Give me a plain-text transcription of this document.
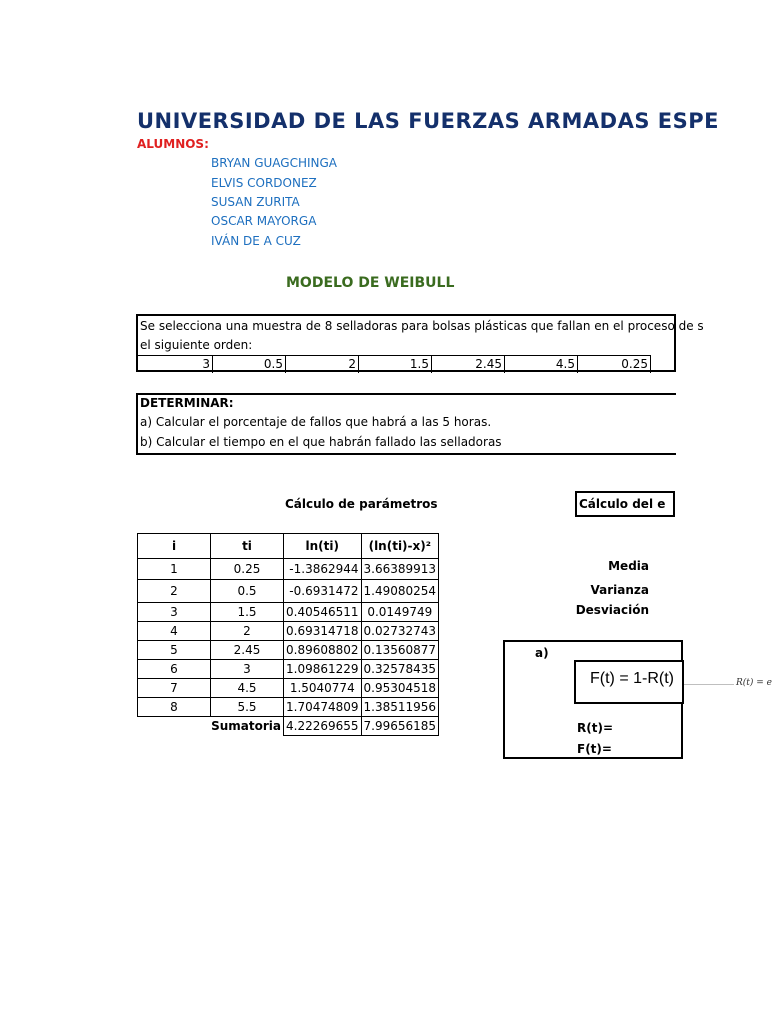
UNIVERSIDAD DE LAS FUERZAS ARMADAS ESPE
ALUMNOS:
BRYAN GUAGCHINGA
ELVIS CORDONEZ
SUSAN ZURITA
OSCAR MAYORGA
IVÁN DE A CUZ
MODELO DE WEIBULL
Se selecciona una muestra de 8 selladoras para bolsas plásticas que fallan en el proceso de s
el siguiente orden:
3	0.5	2	1.5	2.45	4.5	0.25
DETERMINAR:
a) Calcular el porcentaje de fallos que habrá a las 5 horas.
b) Calcular el tiempo en el que habrán fallado las selladoras
Cálculo de parámetros	Cálculo del e
i	ti	ln(ti)	(ln(ti)-x)²
1	0.25	-1.3862944	3.66389913
2	0.5	-0.6931472	1.49080254
3	1.5	0.40546511	0.0149749
4	2	0.69314718	0.02732743
5	2.45	0.89608802	0.13560877
6	3	1.09861229	0.32578435
7	4.5	1.5040774	0.95304518
8	5.5	1.70474809	1.38511956
Sumatoria		4.22269655	7.99656185
Media
Varianza
Desviación
a)
R(t)=
F(t)=
F(t) = 1-R(t)	R(t) = e
